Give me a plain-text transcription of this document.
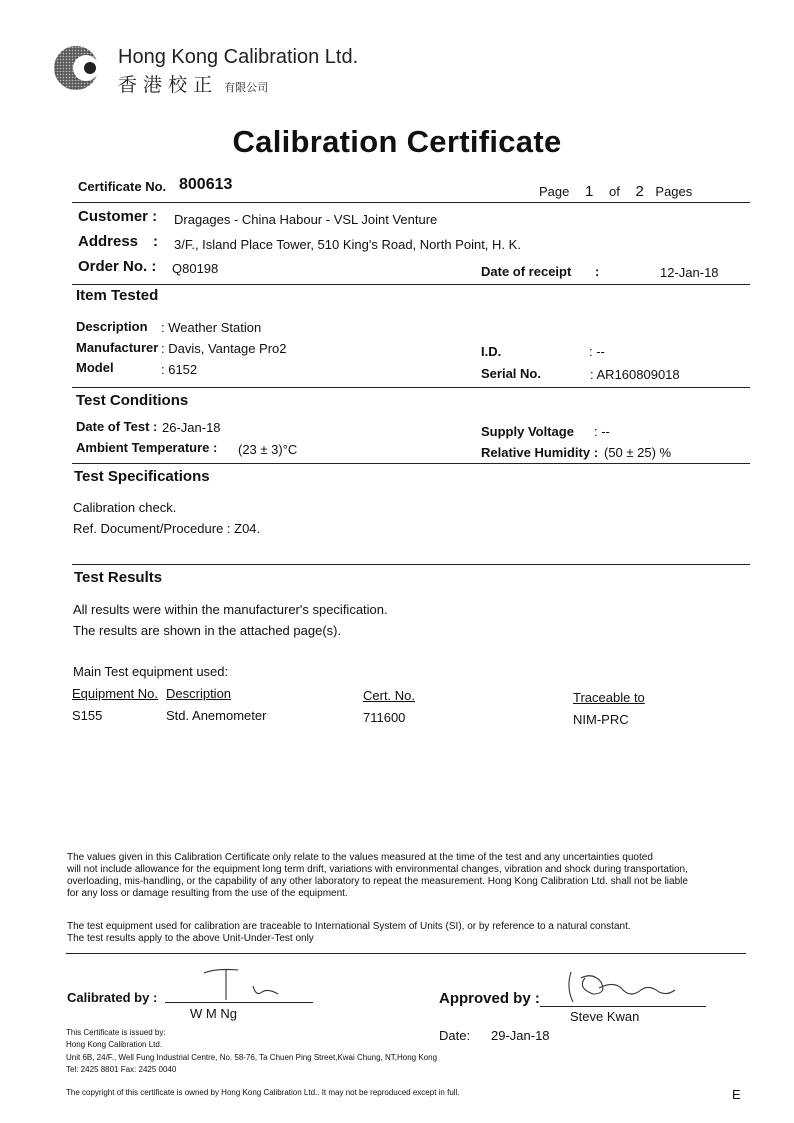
Hong Kong Calibration Ltd.
香 港 校 正 有限公司
Calibration Certificate
Certificate No. 800613	Page 1 of 2 Pages
Customer : Dragages - China Habour - VSL Joint Venture
Address : 3/F., Island Place Tower, 510 King's Road, North Point, H. K.
Order No. : Q80198	Date of receipt :	12-Jan-18
Item Tested
Description : Weather Station
Manufacturer : Davis, Vantage Pro2
Model	: 6152
I.D.	: --
Serial No.	: AR160809018
Test Conditions
Date of Test : 26-Jan-18
Ambient Temperature : (23 ± 3)°C
Supply Voltage : --
Relative Humidity : (50 ± 25) %
Test Specifications
Calibration check.
Ref. Document/Procedure : Z04.
Test Results
All results were within the manufacturer's specification.
The results are shown in the attached page(s).
Main Test equipment used:
Equipment No. Description	Cert. No.	Traceable to
S155	Std. Anemometer	711600	NIM-PRC
The values given in this Calibration Certificate only relate to the values measured at the time of the test and any uncertainties quoted
will not include allowance for the equipment long term drift, variations with environmental changes, vibration and shock during transportation,
overloading, mis-handling, or the capability of any other laboratory to repeat the measurement. Hong Kong Calibration Ltd. shall not be liable
for any loss or damage resulting from the use of the equipment.
The test equipment used for calibration are traceable to International System of Units (SI), or by reference to a natural constant.
The test results apply to the above Unit-Under-Test only
Calibrated by :
W M Ng
Approved by :
Steve Kwan
Date: 29-Jan-18
This Certificate is issued by:
Hong Kong Calibration Ltd.
Unit 6B, 24/F., Well Fung Industrial Centre, No. 58-76, Ta Chuen Ping Street,Kwai Chung, NT,Hong Kong
Tel: 2425 8801 Fax: 2425 0040
The copyright of this certificate is owned by Hong Kong Calibration Ltd.. It may not be reproduced except in full.	E
